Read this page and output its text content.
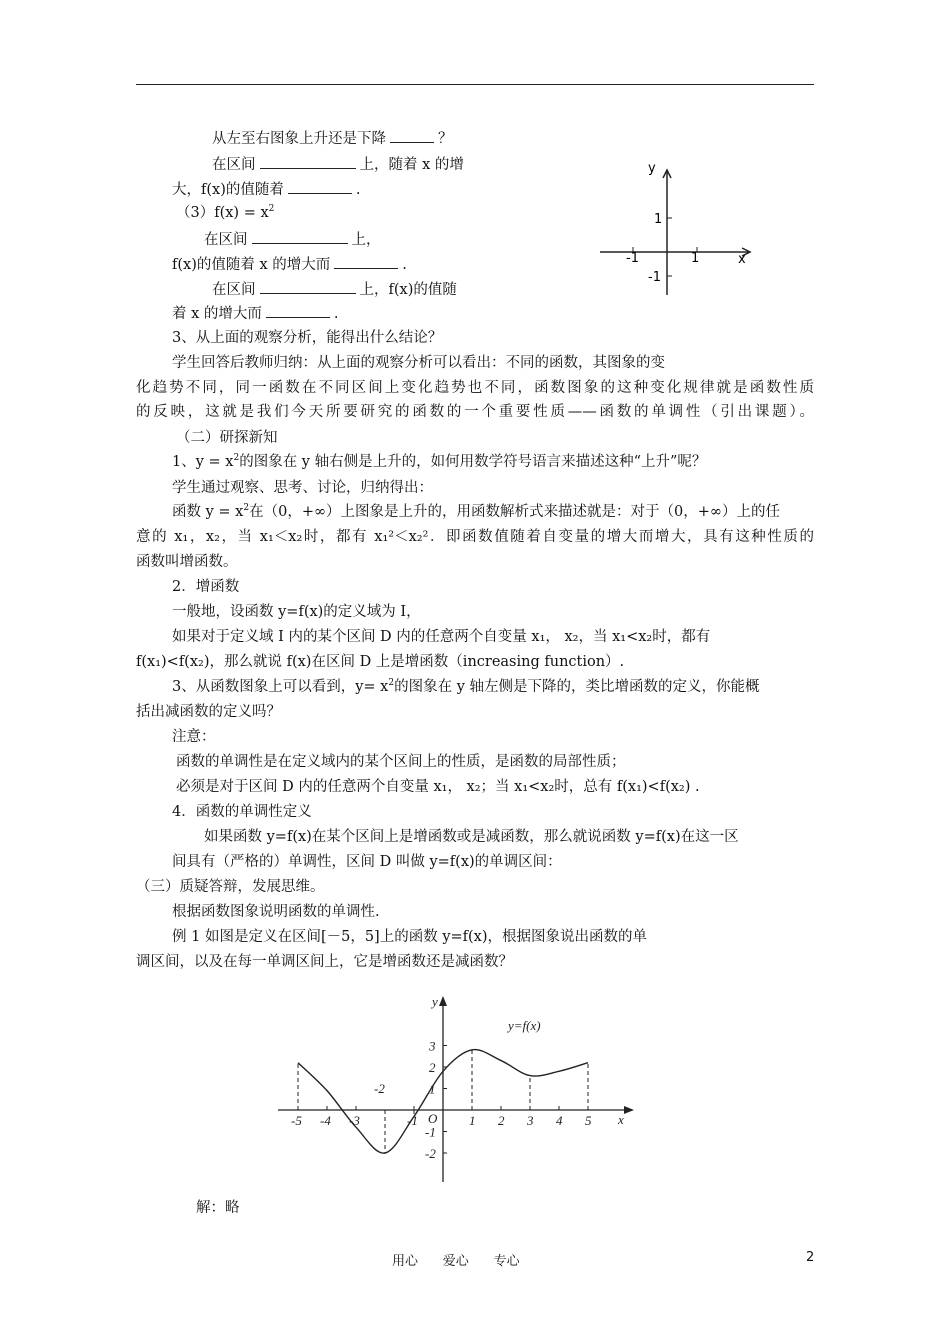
从左至右图象上升还是下降	？
在区间	上，随着 x 的增
大，f(x)的值随着	.
$(3)f(x) = x^2$
在区间	上，
f(x)的值随着 x 的增大而	.
在区间	上，f(x)的值随
着 x 的增大而	.
y
1
-1	1	x
-1
3、从上面的观察分析，能得出什么结论？
学生回答后教师归纳：从上面的观察分析可以看出：不同的函数，其图象的变
化趋势不同，同一函数在不同区间上变化趋势也不同，函数图象的这种变化规律就是函数性质
的反映，这就是我们今天所要研究的函数的一个重要性质——函数的单调性（引出课题）。
（二）研探新知
1、$y = x^2$的图象在 y 轴右侧是上升的，如何用数学符号语言来描述这种“上升”呢？
学生通过观察、思考、讨论，归纳得出：
函数 $y = x^2$在（0，+∞）上图象是上升的，用函数解析式来描述就是：对于（0，+∞）上的任
意的 x₁，x₂，当 x₁＜x₂时，都有 x₁²＜x₂²．即函数值随着自变量的增大而增大，具有这种性质的
函数叫增函数。
2．增函数
一般地，设函数 y=f(x)的定义域为 I，
如果对于定义域 I 内的某个区间 D 内的任意两个自变量 x₁， x₂，当 x₁<x₂时，都有
f(x₁)<f(x₂)，那么就说 f(x)在区间 D 上是增函数（increasing function）.
3、从函数图象上可以看到，$y= x^2$的图象在 y 轴左侧是下降的，类比增函数的定义，你能概
括出减函数的定义吗？
注意：
函数的单调性是在定义域内的某个区间上的性质，是函数的局部性质；
必须是对于区间 D 内的任意两个自变量 x₁， x₂；当 x₁<x₂时，总有 f(x₁)<f(x₂) .
4．函数的单调性定义
如果函数 y=f(x)在某个区间上是增函数或是减函数，那么就说函数 y=f(x)在这一区
间具有（严格的）单调性，区间 D 叫做 y=f(x)的单调区间：
（三）质疑答辩，发展思维。
根据函数图象说明函数的单调性.
例 1 如图是定义在区间[－5，5]上的函数 y=f(x)，根据图象说出函数的单
调区间，以及在每一单调区间上，它是增函数还是减函数？
y
x
O
y=f(x)
-5 -4 -3	-1	1 2 3 4 5
3
2
1
-1
-2
-2
解：略
用心      爱心      专心	2
